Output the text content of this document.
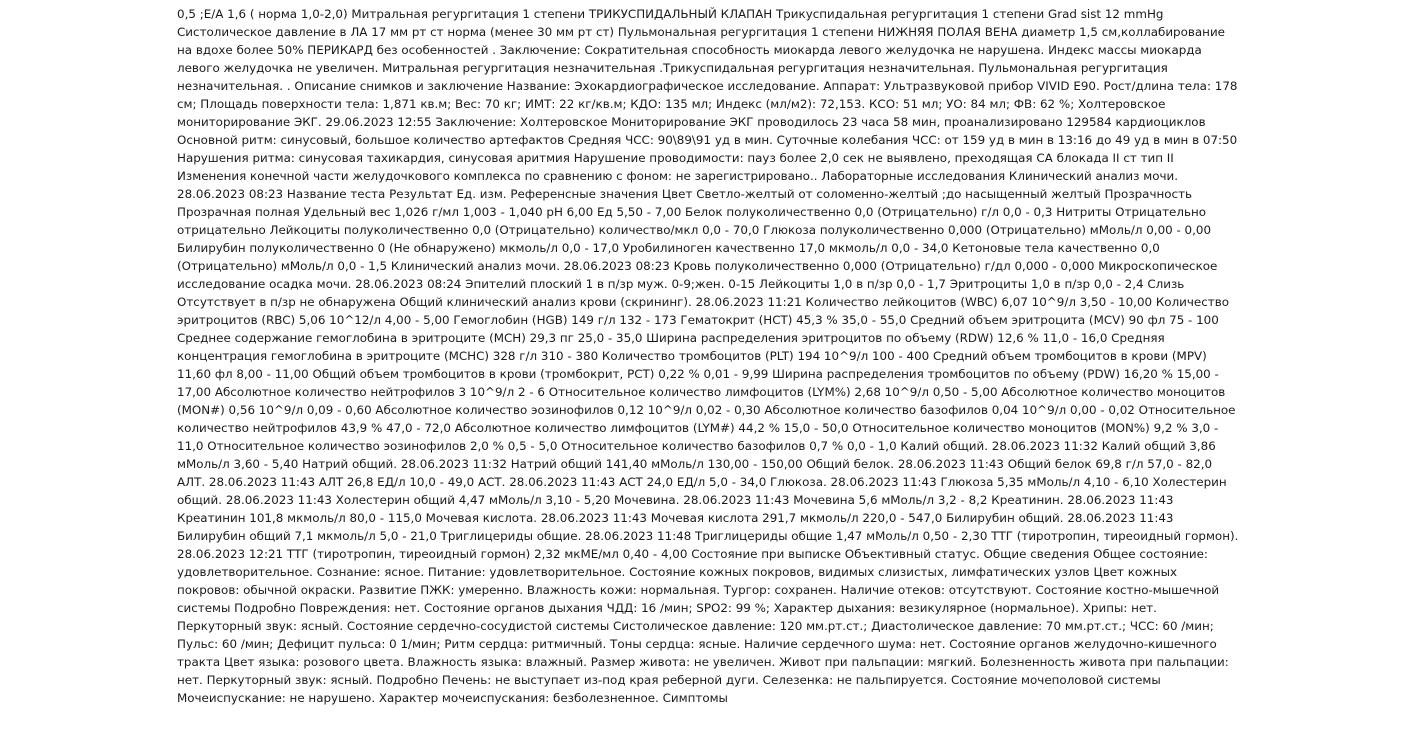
0,5 ;E/A 1,6 ( норма 1,0-2,0) Митральная регургитация 1 степени ТРИКУСПИДАЛЬНЫЙ КЛАПАН Трикуспидальная регургитация 1 степени Grad sist 12 mmHg Систолическое давление в ЛА 17 мм рт ст норма (менее 30 мм рт ст) Пульмональная регургитация 1 степени НИЖНЯЯ ПОЛАЯ ВЕНА диаметр 1,5 см,коллабирование на вдохе более 50% ПЕРИКАРД без особенностей . Заключение: Сократительная способность миокарда левого желудочка не нарушена. Индекс массы миокарда левого желудочка не увеличен. Митральная регургитация незначительная .Трикуспидальная регургитация незначительная. Пульмональная регургитация незначительная. . Описание снимков и заключение Название: Эхокардиографическое исследование. Аппарат: Ультразвуковой прибор VIVID E90. Рост/длина тела: 178 см; Площадь поверхности тела: 1,871 кв.м; Вес: 70 кг; ИМТ: 22 кг/кв.м; КДО: 135 мл; Индекс (мл/м2): 72,153. КСО: 51 мл; УО: 84 мл; ФВ: 62 %; Холтеровское мониторирование ЭКГ. 29.06.2023 12:55 Заключение: Холтеровское Мониторирование ЭКГ проводилось 23 часа 58 мин, проанализировано 129584 кардиоциклов Основной ритм: синусовый, большое количество артефактов Средняя ЧСС: 90\89\91 уд в мин. Суточные колебания ЧСС: от 159 уд в мин в 13:16 до 49 уд в мин в 07:50 Нарушения ритма: синусовая тахикардия, синусовая аритмия Нарушение проводимости: пауз более 2,0 сек не выявлено, преходящая СА блокада II ст тип II Изменения конечной части желудочкового комплекса по сравнению с фоном: не зарегистрировано.. Лабораторные исследования Клинический анализ мочи. 28.06.2023 08:23 Название теста Результат Ед. изм. Референсные значения Цвет Светло-желтый от соломенно-желтый ;до насыщенный желтый Прозрачность Прозрачная полная Удельный вес 1,026 г/мл 1,003 - 1,040 pH 6,00 Ед 5,50 - 7,00 Белок полуколичественно 0,0 (Отрицательно) г/л 0,0 - 0,3 Нитриты Отрицательно отрицательно Лейкоциты полуколичественно 0,0 (Отрицательно) количество/мкл 0,0 - 70,0 Глюкоза полуколичественно 0,000 (Отрицательно) мМоль/л 0,00 - 0,00 Билирубин полуколичественно 0 (Не обнаружено) мкмоль/л 0,0 - 17,0 Уробилиноген качественно 17,0 мкмоль/л 0,0 - 34,0 Кетоновые тела качественно 0,0 (Отрицательно) мМоль/л 0,0 - 1,5 Клинический анализ мочи. 28.06.2023 08:23 Кровь полуколичественно 0,000 (Отрицательно) г/дл 0,000 - 0,000 Микроскопическое исследование осадка мочи. 28.06.2023 08:24 Эпителий плоский 1 в п/зр муж. 0-9;жен. 0-15 Лейкоциты 1,0 в п/зр 0,0 - 1,7 Эритроциты 1,0 в п/зр 0,0 - 2,4 Слизь Отсутствует в п/зр не обнаружена Общий клинический анализ крови (скрининг). 28.06.2023 11:21 Количество лейкоцитов (WBC) 6,07 10^9/л 3,50 - 10,00 Количество эритроцитов (RBC) 5,06 10^12/л 4,00 - 5,00 Гемоглобин (HGB) 149 г/л 132 - 173 Гематокрит (HCT) 45,3 % 35,0 - 55,0 Средний объем эритроцита (MCV) 90 фл 75 - 100 Среднее содержание гемоглобина в эритроците (MCH) 29,3 пг 25,0 - 35,0 Ширина распределения эритроцитов по объему (RDW) 12,6 % 11,0 - 16,0 Средняя концентрация гемоглобина в эритроците (MCHC) 328 г/л 310 - 380 Количество тромбоцитов (PLT) 194 10^9/л 100 - 400 Средний объем тромбоцитов в крови (MPV) 11,60 фл 8,00 - 11,00 Общий объем тромбоцитов в крови (тромбокрит, PCT) 0,22 % 0,01 - 9,99 Ширина распределения тромбоцитов по объему (PDW) 16,20 % 15,00 - 17,00 Абсолютное количество нейтрофилов 3 10^9/л 2 - 6 Относительное количество лимфоцитов (LYM%) 2,68 10^9/л 0,50 - 5,00 Абсолютное количество моноцитов (MON#) 0,56 10^9/л 0,09 - 0,60 Абсолютное количество эозинофилов 0,12 10^9/л 0,02 - 0,30 Абсолютное количество базофилов 0,04 10^9/л 0,00 - 0,02 Относительное количество нейтрофилов 43,9 % 47,0 - 72,0 Абсолютное количество лимфоцитов (LYM#) 44,2 % 15,0 - 50,0 Относительное количество моноцитов (MON%) 9,2 % 3,0 - 11,0 Относительное количество эозинофилов 2,0 % 0,5 - 5,0 Относительное количество базофилов 0,7 % 0,0 - 1,0 Калий общий. 28.06.2023 11:32 Калий общий 3,86 мМоль/л 3,60 - 5,40 Натрий общий. 28.06.2023 11:32 Натрий общий 141,40 мМоль/л 130,00 - 150,00 Общий белок. 28.06.2023 11:43 Общий белок 69,8 г/л 57,0 - 82,0 АЛТ. 28.06.2023 11:43 АЛТ 26,8 ЕД/л 10,0 - 49,0 АСТ. 28.06.2023 11:43 АСТ 24,0 ЕД/л 5,0 - 34,0 Глюкоза. 28.06.2023 11:43 Глюкоза 5,35 мМоль/л 4,10 - 6,10 Холестерин общий. 28.06.2023 11:43 Холестерин общий 4,47 мМоль/л 3,10 - 5,20 Мочевина. 28.06.2023 11:43 Мочевина 5,6 мМоль/л 3,2 - 8,2 Креатинин. 28.06.2023 11:43 Креатинин 101,8 мкмоль/л 80,0 - 115,0 Мочевая кислота. 28.06.2023 11:43 Мочевая кислота 291,7 мкмоль/л 220,0 - 547,0 Билирубин общий. 28.06.2023 11:43 Билирубин общий 7,1 мкмоль/л 5,0 - 21,0 Триглицериды общие. 28.06.2023 11:48 Триглицериды общие 1,47 мМоль/л 0,50 - 2,30 ТТГ (тиротропин, тиреоидный гормон). 28.06.2023 12:21 ТТГ (тиротропин, тиреоидный гормон) 2,32 мкМЕ/мл 0,40 - 4,00 Состояние при выписке Объективный статус. Общие сведения Общее состояние: удовлетворительное. Сознание: ясное. Питание: удовлетворительное. Состояние кожных покровов, видимых слизистых, лимфатических узлов Цвет кожных покровов: обычной окраски. Развитие ПЖК: умеренно. Влажность кожи: нормальная. Тургор: сохранен. Наличие отеков: отсутствуют. Состояние костно-мышечной системы Подробно Повреждения: нет. Состояние органов дыхания ЧДД: 16 /мин; SPO2: 99 %; Характер дыхания: везикулярное (нормальное). Хрипы: нет. Перкуторный звук: ясный. Состояние сердечно-сосудистой системы Систолическое давление: 120 мм.рт.ст.; Диастолическое давление: 70 мм.рт.ст.; ЧСС: 60 /мин; Пульс: 60 /мин; Дефицит пульса: 0 1/мин; Ритм сердца: ритмичный. Тоны сердца: ясные. Наличие сердечного шума: нет. Состояние органов желудочно-кишечного тракта Цвет языка: розового цвета. Влажность языка: влажный. Размер живота: не увеличен. Живот при пальпации: мягкий. Болезненность живота при пальпации: нет. Перкуторный звук: ясный. Подробно Печень: не выступает из-под края реберной дуги. Селезенка: не пальпируется. Состояние мочеполовой системы Мочеиспускание: не нарушено. Характер мочеиспускания: безболезненное. Симптомы
